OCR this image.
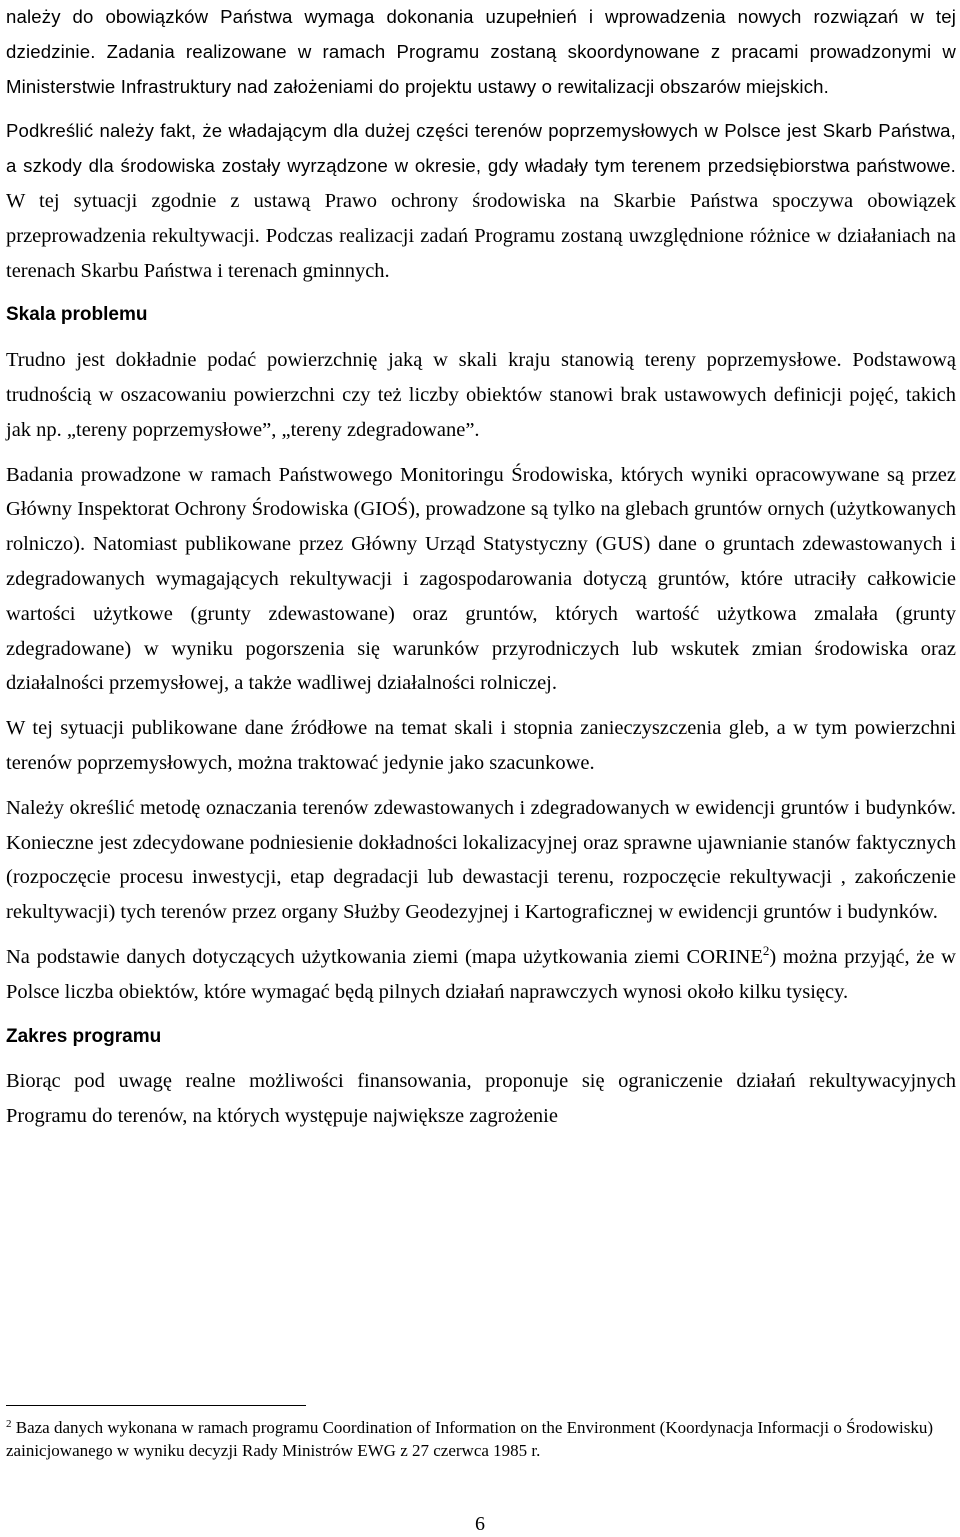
należy do obowiązków Państwa wymaga dokonania uzupełnień i wprowadzenia nowych rozwiązań w tej dziedzinie. Zadania realizowane w ramach Programu zostaną skoordynowane z pracami prowadzonymi w Ministerstwie Infrastruktury nad założeniami do projektu ustawy o rewitalizacji obszarów miejskich.

Podkreślić należy fakt, że władającym dla dużej części terenów poprzemysłowych w Polsce jest Skarb Państwa, a szkody dla środowiska zostały wyrządzone w okresie, gdy władały tym terenem przedsiębiorstwa państwowe. W tej sytuacji zgodnie z ustawą Prawo ochrony środowiska na Skarbie Państwa spoczywa obowiązek przeprowadzenia rekultywacji. Podczas realizacji zadań Programu zostaną uwzględnione różnice w działaniach na terenach Skarbu Państwa i terenach gminnych.

Skala problemu

Trudno jest dokładnie podać powierzchnię jaką w skali kraju stanowią tereny poprzemysłowe. Podstawową trudnością w oszacowaniu powierzchni czy też liczby obiektów stanowi brak ustawowych definicji pojęć, takich jak np. „tereny poprzemysłowe”, „tereny zdegradowane”.

Badania prowadzone w ramach Państwowego Monitoringu Środowiska, których wyniki opracowywane są przez Główny Inspektorat Ochrony Środowiska (GIOŚ), prowadzone są tylko na glebach gruntów ornych (użytkowanych rolniczo). Natomiast publikowane przez Główny Urząd Statystyczny (GUS) dane o gruntach zdewastowanych i zdegradowanych wymagających rekultywacji i zagospodarowania dotyczą gruntów, które utraciły całkowicie wartości użytkowe (grunty zdewastowane) oraz gruntów, których wartość użytkowa zmalała (grunty zdegradowane) w wyniku pogorszenia się warunków przyrodniczych lub wskutek zmian środowiska oraz działalności przemysłowej, a także wadliwej działalności rolniczej.

W tej sytuacji publikowane dane źródłowe na temat skali i stopnia zanieczyszczenia gleb, a w tym powierzchni terenów poprzemysłowych, można traktować jedynie jako szacunkowe.

Należy określić metodę oznaczania terenów zdewastowanych i zdegradowanych w ewidencji gruntów i budynków. Konieczne jest zdecydowane podniesienie dokładności lokalizacyjnej oraz sprawne ujawnianie stanów faktycznych (rozpoczęcie procesu inwestycji, etap degradacji lub dewastacji terenu, rozpoczęcie rekultywacji , zakończenie rekultywacji) tych terenów przez organy Służby Geodezyjnej i Kartograficznej w ewidencji gruntów i budynków.

Na podstawie danych dotyczących użytkowania ziemi (mapa użytkowania ziemi CORINE$^2$) można przyjąć, że w Polsce liczba obiektów, które wymagać będą pilnych działań naprawczych wynosi około kilku tysięcy.

Zakres programu

Biorąc pod uwagę realne możliwości finansowania, proponuje się ograniczenie działań rekultywacyjnych Programu do terenów, na których występuje największe zagrożenie

$^2$ Baza danych wykonana w ramach programu Coordination of Information on the Environment (Koordynacja Informacji o Środowisku) zainicjowanego w wyniku decyzji Rady Ministrów EWG z 27 czerwca 1985 r.
6
